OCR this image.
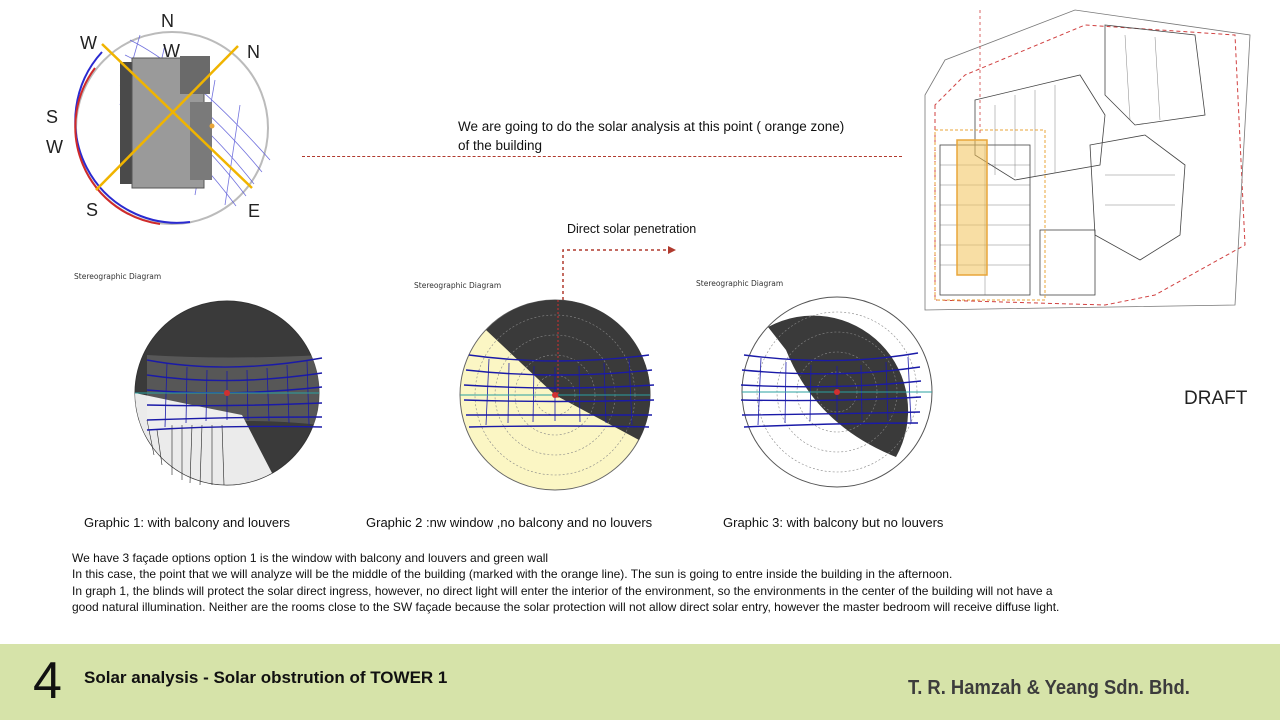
N
W	W	N
S
W
S	E
We are going to do the solar analysis at this point ( orange zone) of the building
DRAFT
Direct solar penetration
Stereographic Diagram
Stereographic Diagram	Stereographic Diagram
Graphic 1: with balcony and louvers	Graphic 2 :nw window ,no balcony and no louvers	Graphic 3: with balcony but no louvers

We have 3 façade options option 1 is the window with balcony and louvers and green wall

In this case, the point that we will analyze will be the middle of the building (marked with the orange line). The sun is going to entre inside the building in the afternoon.

In graph 1, the blinds will protect the solar direct ingress, however, no direct light will enter the interior of the environment, so the environments in the center of the building will not have a

good natural illumination. Neither are the rooms close to the SW façade because the solar protection will not allow direct solar entry, however the master bedroom will receive diffuse light.

4 Solar analysis - Solar obstrution of TOWER 1	T. R. Hamzah & Yeang Sdn. Bhd.
